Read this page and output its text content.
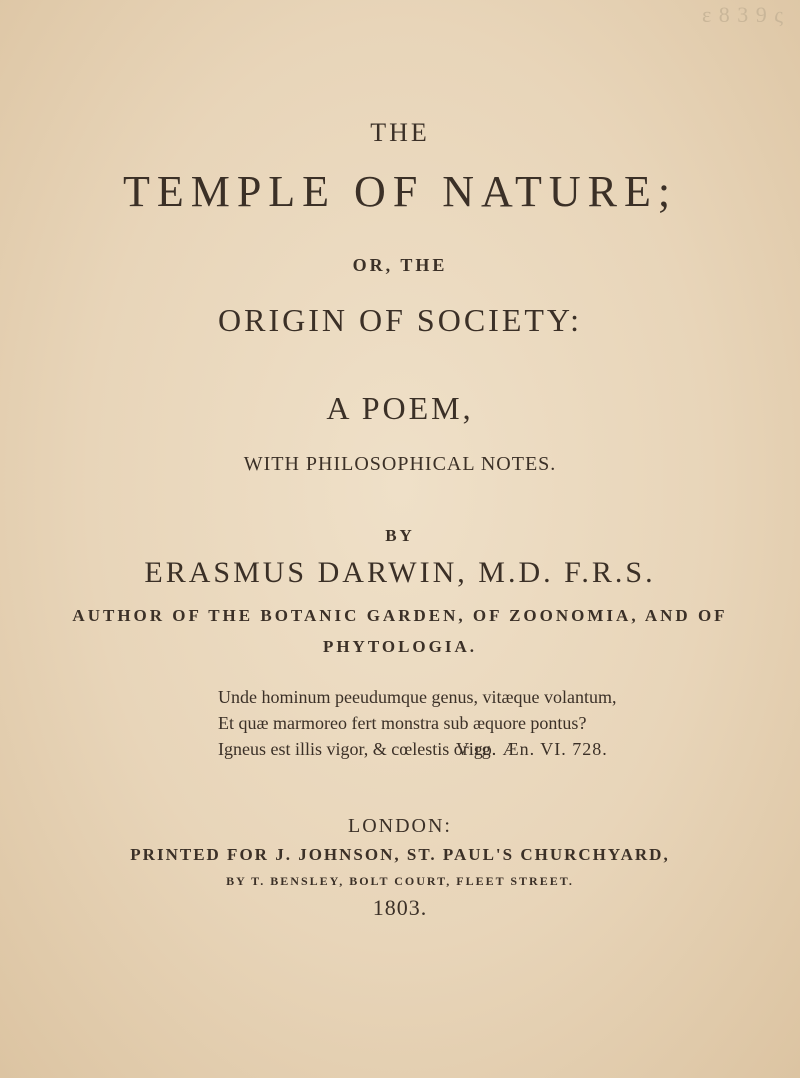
ɛ 8 3 9 ς
THE
TEMPLE OF NATURE;
OR, THE
ORIGIN OF SOCIETY:
A POEM,
WITH PHILOSOPHICAL NOTES.
BY
ERASMUS DARWIN, M.D. F.R.S.
AUTHOR OF THE BOTANIC GARDEN, OF ZOONOMIA, AND OF
PHYTOLOGIA.
Unde hominum peeudumque genus, vitæque volantum,
Et quæ marmoreo fert monstra sub æquore pontus?
Igneus est illis vigor, & cœlestis origo.
Virg. Æn. VI. 728.
LONDON:
PRINTED FOR J. JOHNSON, ST. PAUL'S CHURCHYARD,
BY T. BENSLEY, BOLT COURT, FLEET STREET.
1803.
